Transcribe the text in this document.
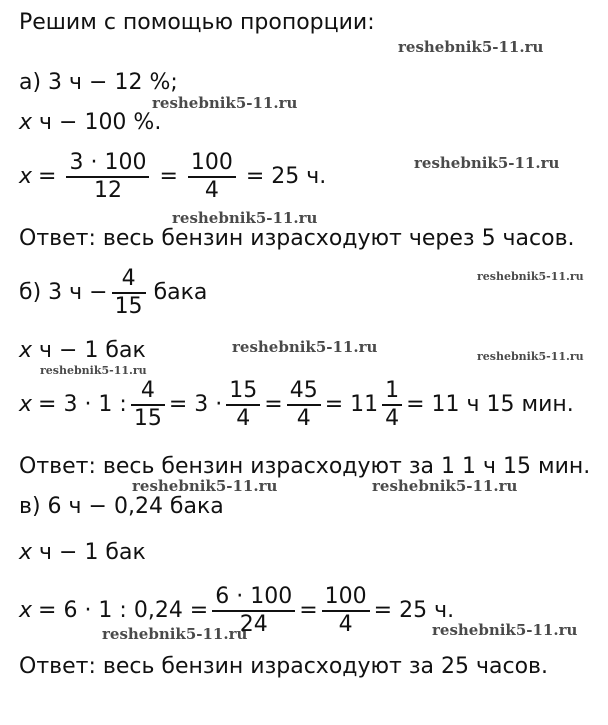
Решим с помощью пропорции:
а) 3 ч − 12 %;
x ч − 100 %.
$x = \frac{3 \cdot 100}{12} = \frac{100}{4} = 25$ ч.
Ответ: весь бензин израсходуют через 5 часов.
б) 3 $ч - \frac{4}{15}$ бака
x ч − 1 бак
x = 3 · 1 : $\frac{4}{15} = 3 \cdot \frac{15}{4} = \frac{45}{4} = 11 \frac{1}{4} = 11$ ч 15 мин.
Ответ: весь бензин израсходуют за 1 1 ч 15 мин.
в) 6 ч − 0,24 бака
x ч − 1 бак
x = 6 · 1 : $0,24 = \frac{6 \cdot 100}{24} = \frac{100}{4} = 25$ ч.
Ответ: весь бензин израсходуют за 25 часов.
reshebnik5-11.ru
reshebnik5-11.ru
reshebnik5-11.ru
reshebnik5-11.ru
reshebnik5-11.ru
reshebnik5-11.ru
reshebnik5-11.ru
reshebnik5-11.ru
reshebnik5-11.ru	reshebnik5-11.ru
reshebnik5-11.ru	reshebnik5-11.ru
